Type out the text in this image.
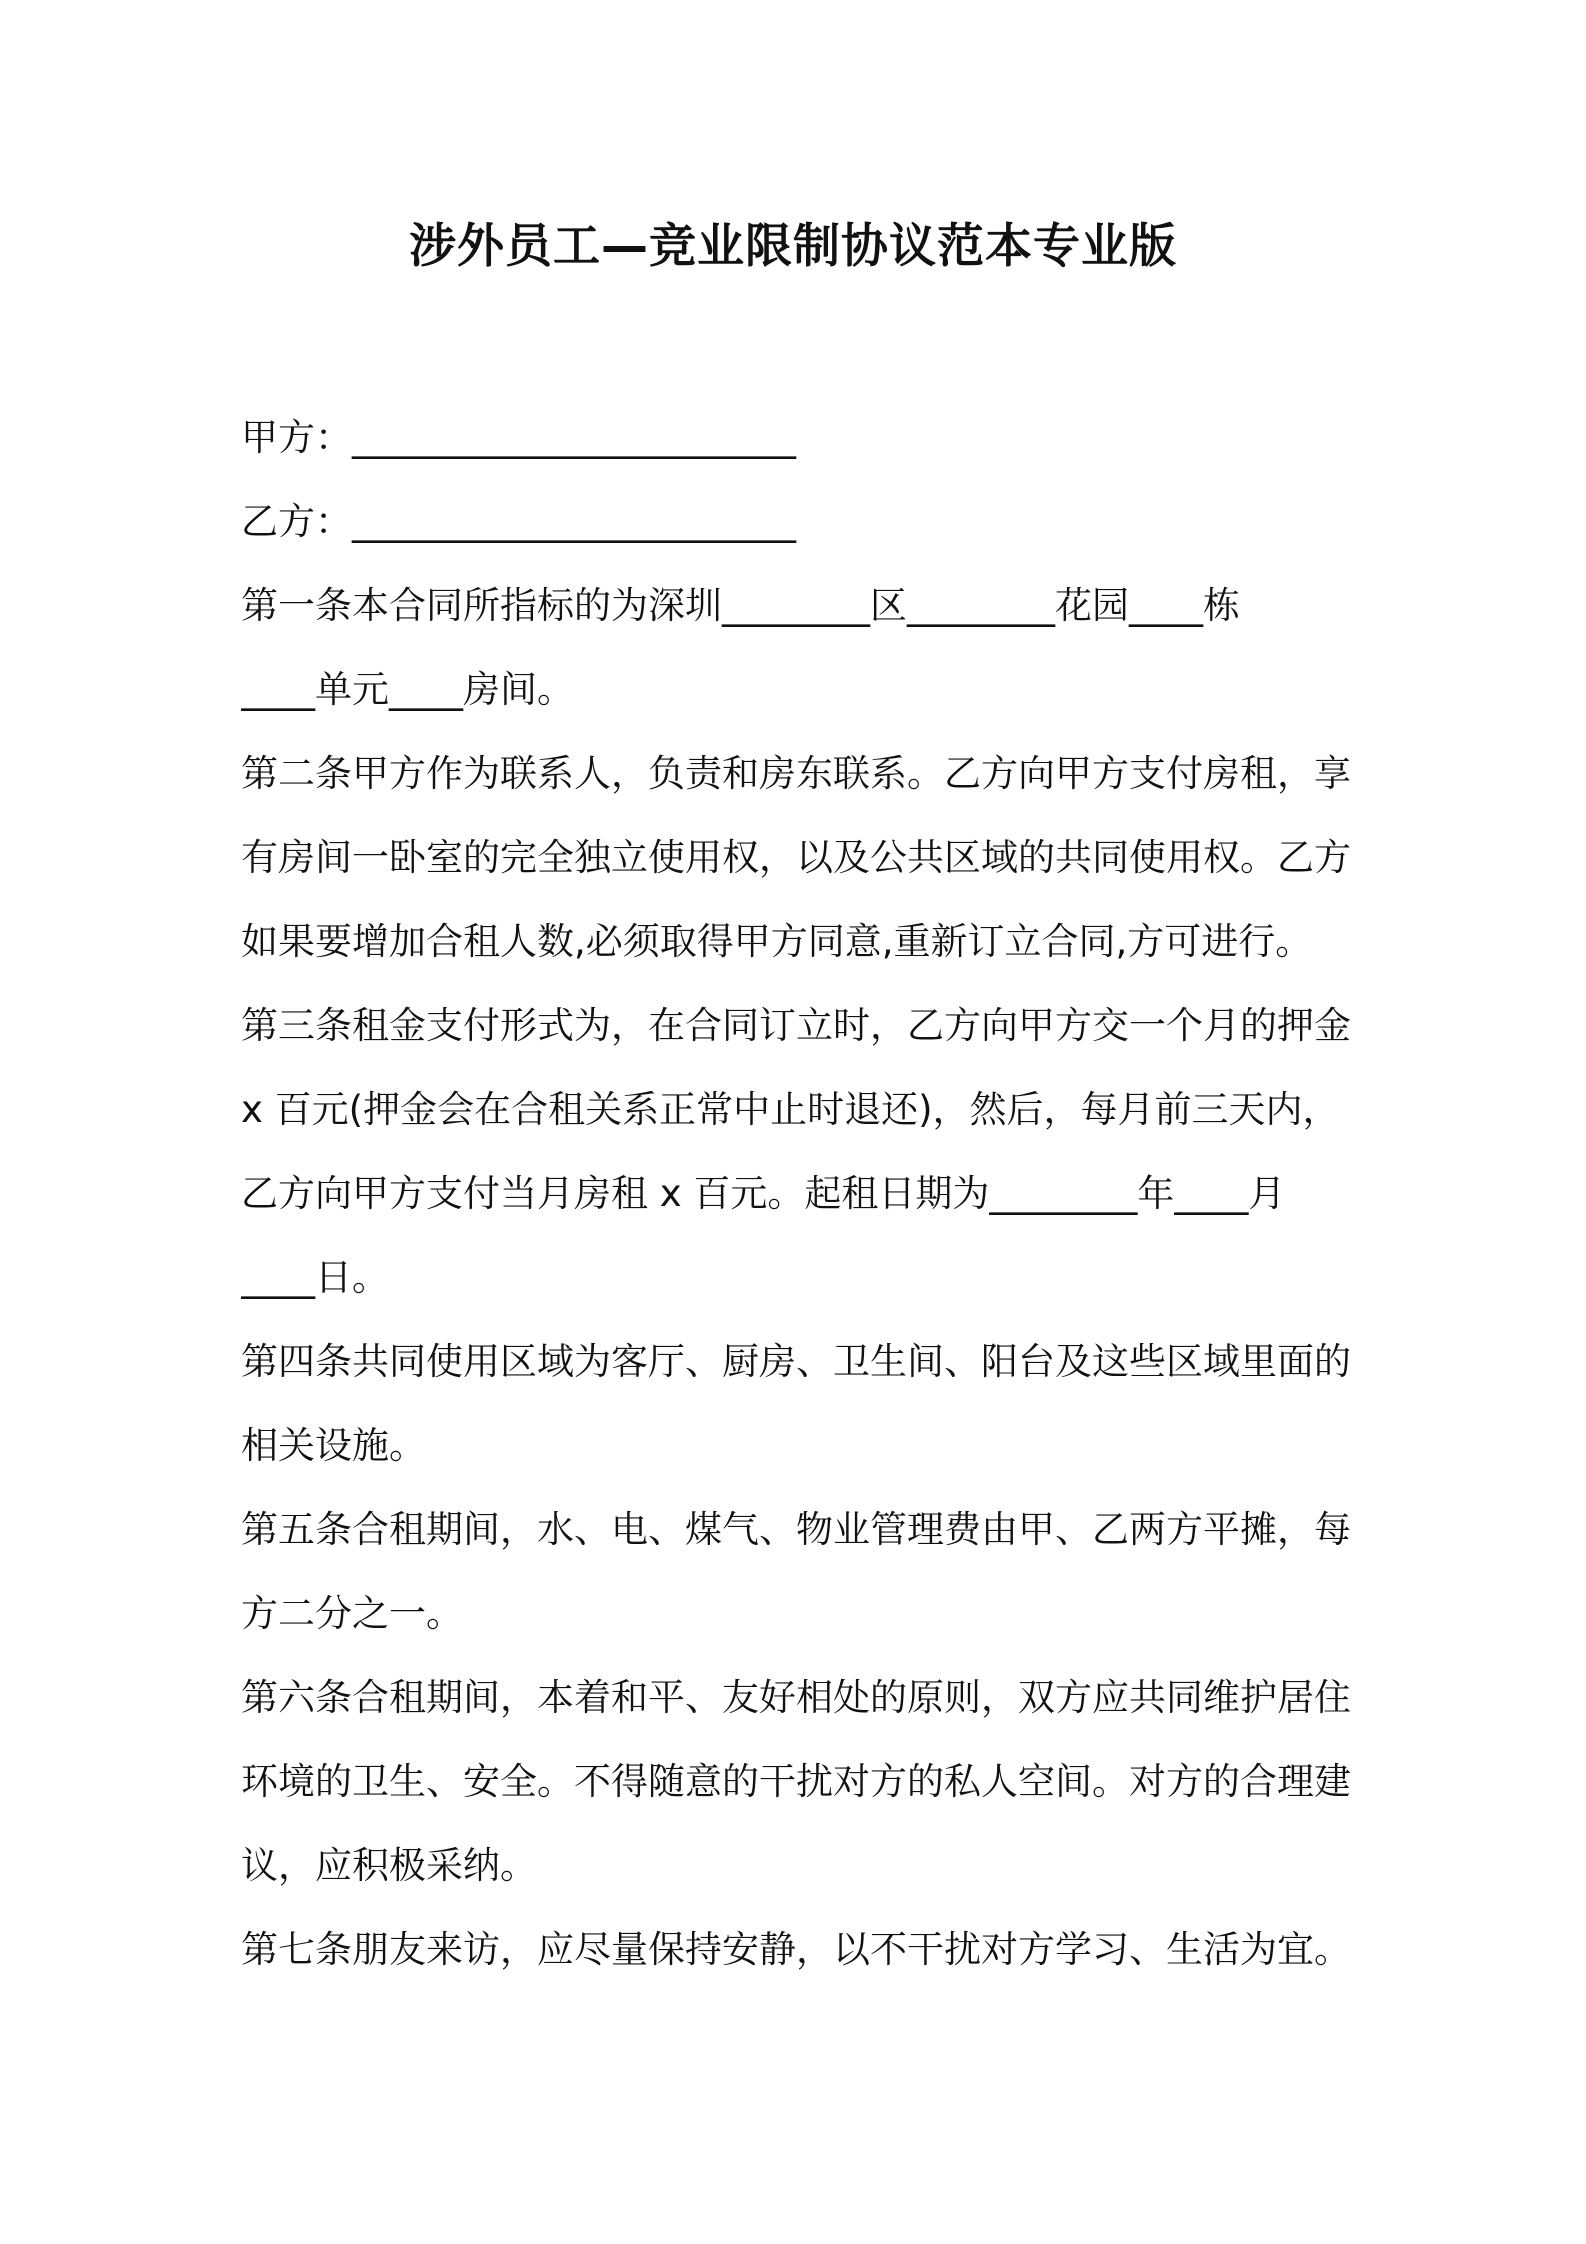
涉外员工—竞业限制协议范本专业版
甲方：________________________
乙方：________________________
第一条本合同所指标的为深圳________区________花园____栋
____单元____房间。
第二条甲方作为联系人，负责和房东联系。乙方向甲方支付房租，享
有房间一卧室的完全独立使用权，以及公共区域的共同使用权。乙方
如果要增加合租人数,必须取得甲方同意,重新订立合同,方可进行。
第三条租金支付形式为，在合同订立时，乙方向甲方交一个月的押金
x 百元(押金会在合租关系正常中止时退还)，然后，每月前三天内，
乙方向甲方支付当月房租 x 百元。起租日期为________年____月
____日。
第四条共同使用区域为客厅、厨房、卫生间、阳台及这些区域里面的
相关设施。
第五条合租期间，水、电、煤气、物业管理费由甲、乙两方平摊，每
方二分之一。
第六条合租期间，本着和平、友好相处的原则，双方应共同维护居住
环境的卫生、安全。不得随意的干扰对方的私人空间。对方的合理建
议，应积极采纳。
第七条朋友来访，应尽量保持安静，以不干扰对方学习、生活为宜。
